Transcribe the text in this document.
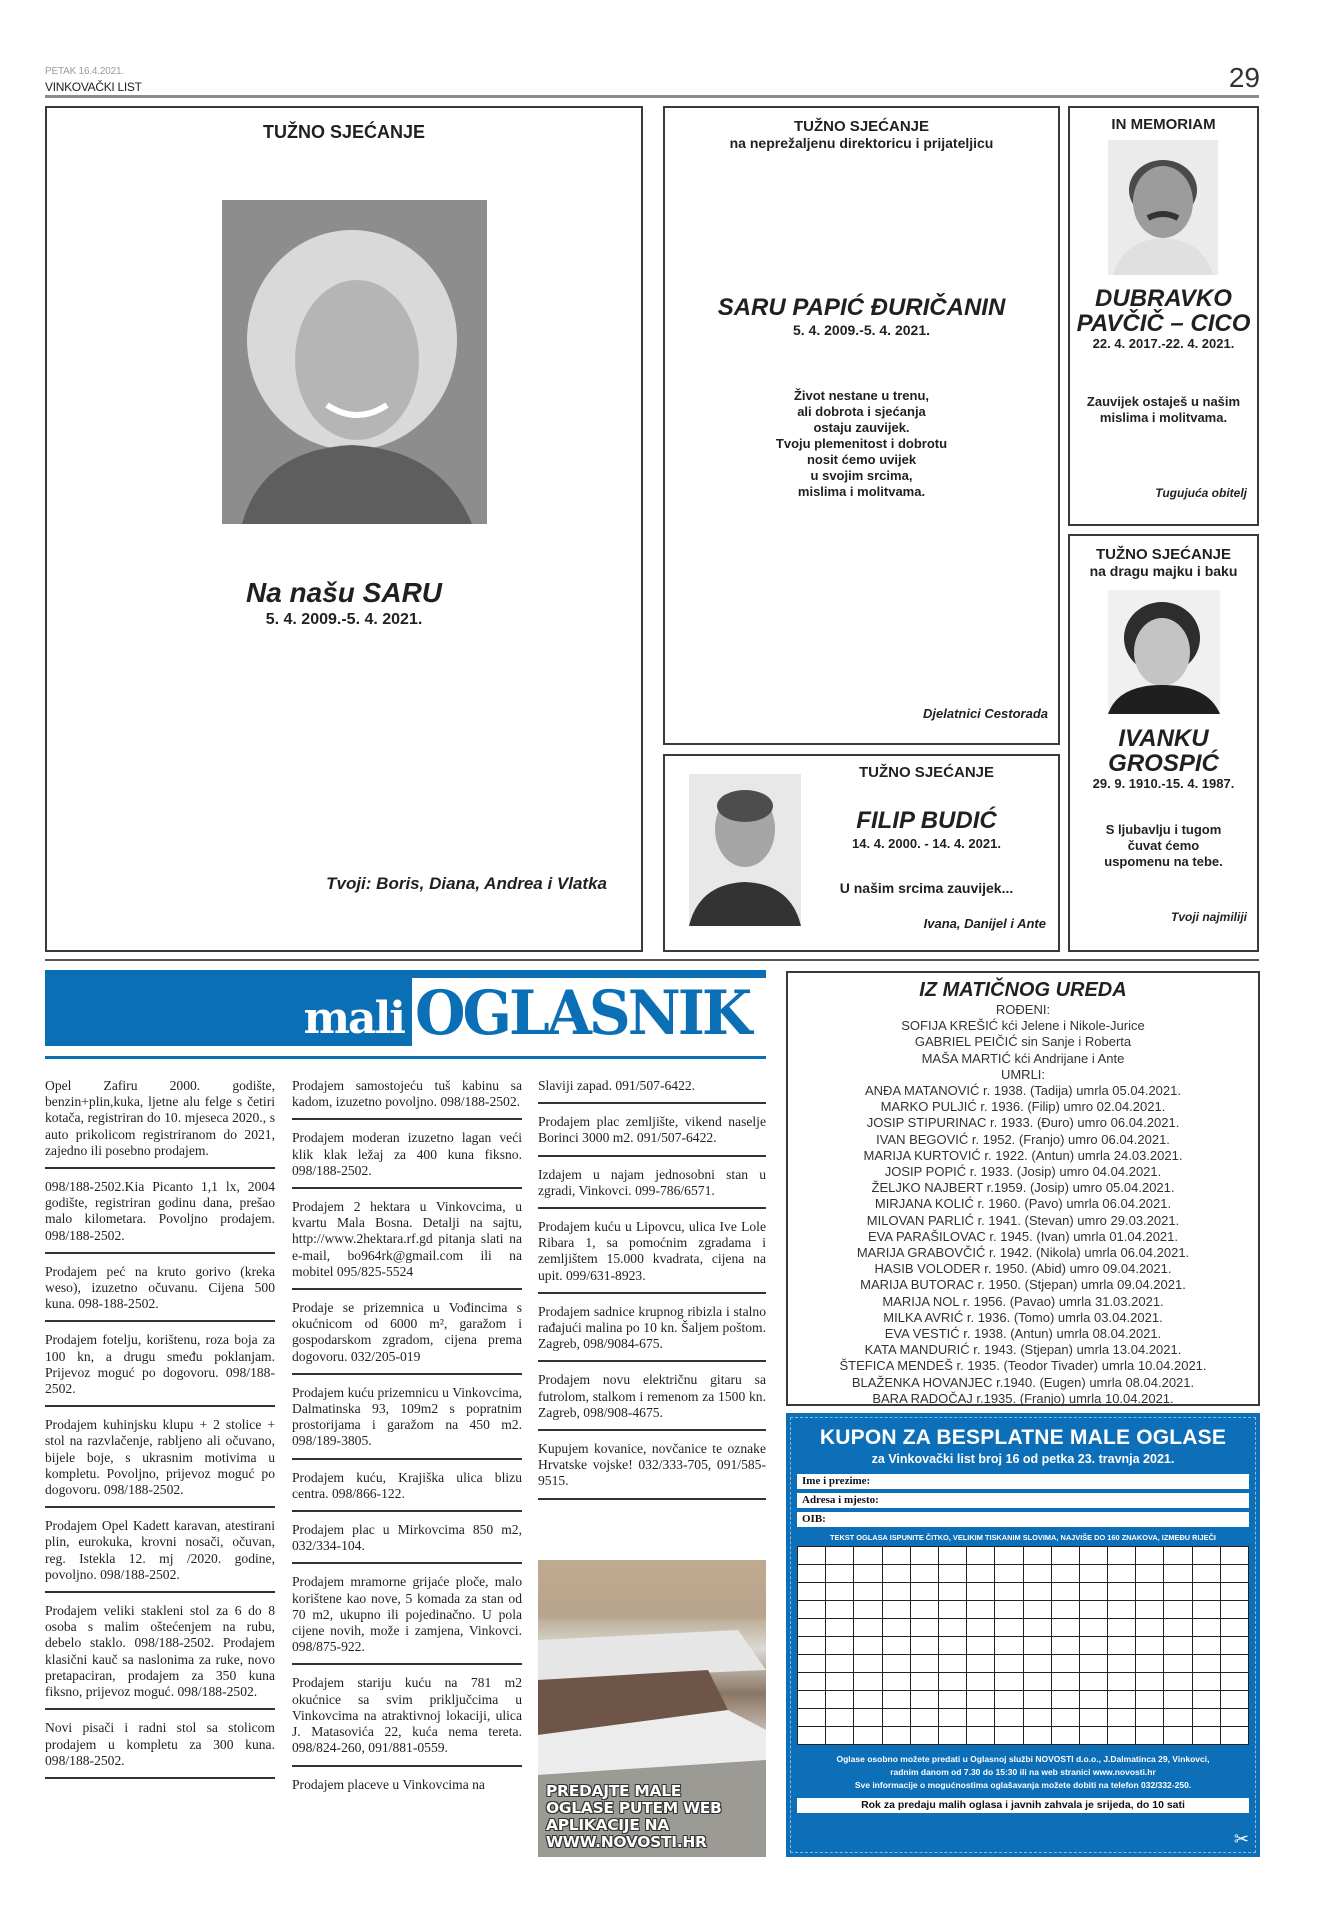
PETAK 16.4.2021.
VINKOVAČKI LIST	29
TUŽNO SJEĆANJE
Na našu SARU
5. 4. 2009.-5. 4. 2021.
Tvoji: Boris, Diana, Andrea i Vlatka
TUŽNO SJEĆANJE
na neprežaljenu direktoricu i prijateljicu
SARU PAPIĆ ĐURIČANIN
5. 4. 2009.-5. 4. 2021.
Život nestane u trenu,
ali dobrota i sjećanja
ostaju zauvijek.
Tvoju plemenitost i dobrotu
nosit ćemo uvijek
u svojim srcima,
mislima i molitvama.
Djelatnici Cestorada
IN MEMORIAM
DUBRAVKO
PAVČIČ – CICO
22. 4. 2017.-22. 4. 2021.
Zauvijek ostaješ u našim
mislima i molitvama.
Tugujuća obitelj
TUŽNO SJEĆANJE
na dragu majku i baku
IVANKU
GROSPIĆ
29. 9. 1910.-15. 4. 1987.
S ljubavlju i tugom
čuvat ćemo
uspomenu na tebe.
Tvoji najmiliji
TUŽNO SJEĆANJE
FILIP BUDIĆ
14. 4. 2000. - 14. 4. 2021.
U našim srcima zauvijek...
Ivana, Danijel i Ante
mali OGLASNIK
Opel Zafiru 2000. godište, benzin+plin,kuka, ljetne alu felge s četiri kotača, registriran do 10. mjeseca 2020., s auto prikolicom registriranom do 2021, zajedno ili posebno prodajem.
098/188-2502.Kia Picanto 1,1 lx, 2004 godište, registriran godinu dana, prešao malo kilometara. Povoljno prodajem. 098/188-2502.
Prodajem peć na kruto gorivo (kreka weso), izuzetno očuvanu. Cijena 500 kuna. 098-188-2502.
Prodajem fotelju, korištenu, roza boja za 100 kn, a drugu smeđu poklanjam. Prijevoz moguć po dogovoru. 098/188-2502.
Prodajem kuhinjsku klupu + 2 stolice + stol na razvlačenje, rabljeno ali očuvano, bijele boje, s ukrasnim motivima u kompletu. Povoljno, prijevoz moguć po dogovoru. 098/188-2502.
Prodajem Opel Kadett karavan, atestirani plin, eurokuka, krovni nosači, očuvan, reg. Istekla 12. mj /2020. godine, povoljno. 098/188-2502.
Prodajem veliki stakleni stol za 6 do 8 osoba s malim oštećenjem na rubu, debelo staklo. 098/188-2502. Prodajem klasični kauč sa naslonima za ruke, novo pretapaciran, prodajem za 350 kuna fiksno, prijevoz moguć. 098/188-2502.
Novi pisači i radni stol sa stolicom prodajem u kompletu za 300 kuna. 098/188-2502.
Prodajem samostojeću tuš kabinu sa kadom, izuzetno povoljno. 098/188-2502.
Prodajem moderan izuzetno lagan veći klik klak ležaj za 400 kuna fiksno. 098/188-2502.
Prodajem 2 hektara u Vinkovcima, u kvartu Mala Bosna. Detalji na sajtu, http://www.2hektara.rf.gd pitanja slati na e-mail, bo964rk@gmail.com ili na mobitel 095/825-5524
Prodaje se prizemnica u Vođincima s okućnicom od 6000 m², garažom i gospodarskom zgradom, cijena prema dogovoru. 032/205-019
Prodajem kuću prizemnicu u Vinkovcima, Dalmatinska 93, 109m2 s popratnim prostorijama i garažom na 450 m2. 098/189-3805.
Prodajem kuću, Krajiška ulica blizu centra. 098/866-122.
Prodajem plac u Mirkovcima 850 m2, 032/334-104.
Prodajem mramorne grijaće ploče, malo korištene kao nove, 5 komada za stan od 70 m2, ukupno ili pojedinačno. U pola cijene novih, može i zamjena, Vinkovci. 098/875-922.
Prodajem stariju kuću na 781 m2 okućnice sa svim priključcima u Vinkovcima na atraktivnoj lokaciji, ulica J. Matasovića 22, kuća nema tereta. 098/824-260, 091/881-0559.
Prodajem placeve u Vinkovcima na
Slaviji zapad. 091/507-6422.
Prodajem plac zemljište, vikend naselje Borinci 3000 m2. 091/507-6422.
Izdajem u najam jednosobni stan u zgradi, Vinkovci. 099-786/6571.
Prodajem kuću u Lipovcu, ulica Ive Lole Ribara 1, sa pomoćnim zgradama i zemljištem 15.000 kvadrata, cijena na upit. 099/631-8923.
Prodajem sadnice krupnog ribizla i stalno rađajući malina po 10 kn. Šaljem poštom. Zagreb, 098/9084-675.
Prodajem novu električnu gitaru sa futrolom, stalkom i remenom za 1500 kn. Zagreb, 098/908-4675.
Kupujem kovanice, novčanice te oznake Hrvatske vojske! 032/333-705, 091/585-9515.
PREDAJTE MALE
OGLASE PUTEM WEB
APLIKACIJE NA
WWW.NOVOSTI.HR
IZ MATIČNOG UREDA
ROĐENI:
SOFIJA KREŠIĆ kći Jelene i Nikole-Jurice
GABRIEL PEIČIĆ sin Sanje i Roberta
MAŠA MARTIĆ kći Andrijane i Ante
UMRLI:
ANĐA MATANOVIĆ r. 1938. (Tadija) umrla 05.04.2021.
MARKO PULJIĆ r. 1936. (Filip) umro 02.04.2021.
JOSIP STIPURINAC r. 1933. (Đuro) umro 06.04.2021.
IVAN BEGOVIĆ r. 1952. (Franjo) umro 06.04.2021.
MARIJA KURTOVIĆ r. 1922. (Antun) umrla 24.03.2021.
JOSIP POPIĆ r. 1933. (Josip) umro 04.04.2021.
ŽELJKO NAJBERT r.1959. (Josip) umro 05.04.2021.
MIRJANA KOLIĆ r. 1960. (Pavo) umrla 06.04.2021.
MILOVAN PARLIĆ r. 1941. (Stevan) umro 29.03.2021.
EVA PARAŠILOVAC r. 1945. (Ivan) umrla 01.04.2021.
MARIJA GRABOVČIĆ r. 1942. (Nikola) umrla 06.04.2021.
HASIB VOLODER r. 1950. (Abid) umro 09.04.2021.
MARIJA BUTORAC r. 1950. (Stjepan) umrla 09.04.2021.
MARIJA NOL r. 1956. (Pavao) umrla 31.03.2021.
MILKA AVRIĆ r. 1936. (Tomo) umrla 03.04.2021.
EVA VESTIĆ r. 1938. (Antun) umrla 08.04.2021.
KATA MANDURIĆ r. 1943. (Stjepan) umrla 13.04.2021.
ŠTEFICA MENDEŠ r. 1935. (Teodor Tivader) umrla 10.04.2021.
BLAŽENKA HOVANJEC r.1940. (Eugen) umrla 08.04.2021.
BARA RADOČAJ r.1935. (Franjo) umrla 10.04.2021.
KUPON ZA BESPLATNE MALE OGLASE
za Vinkovački list broj 16 od petka 23. travnja 2021.
Ime i prezime:
Adresa i mjesto:
OIB:
TEKST OGLASA ISPUNITE ČITKO, VELIKIM TISKANIM SLOVIMA, NAJVIŠE DO 160 ZNAKOVA, IZMEĐU RIJEČI
Oglase osobno možete predati u Oglasnoj službi NOVOSTI d.o.o., J.Dalmatinca 29, Vinkovci,
radnim danom od 7.30 do 15:30 ili na web stranici www.novosti.hr
Sve informacije o mogućnostima oglašavanja možete dobiti na telefon 032/332-250.
Rok za predaju malih oglasa i javnih zahvala je srijeda, do 10 sati
✂
